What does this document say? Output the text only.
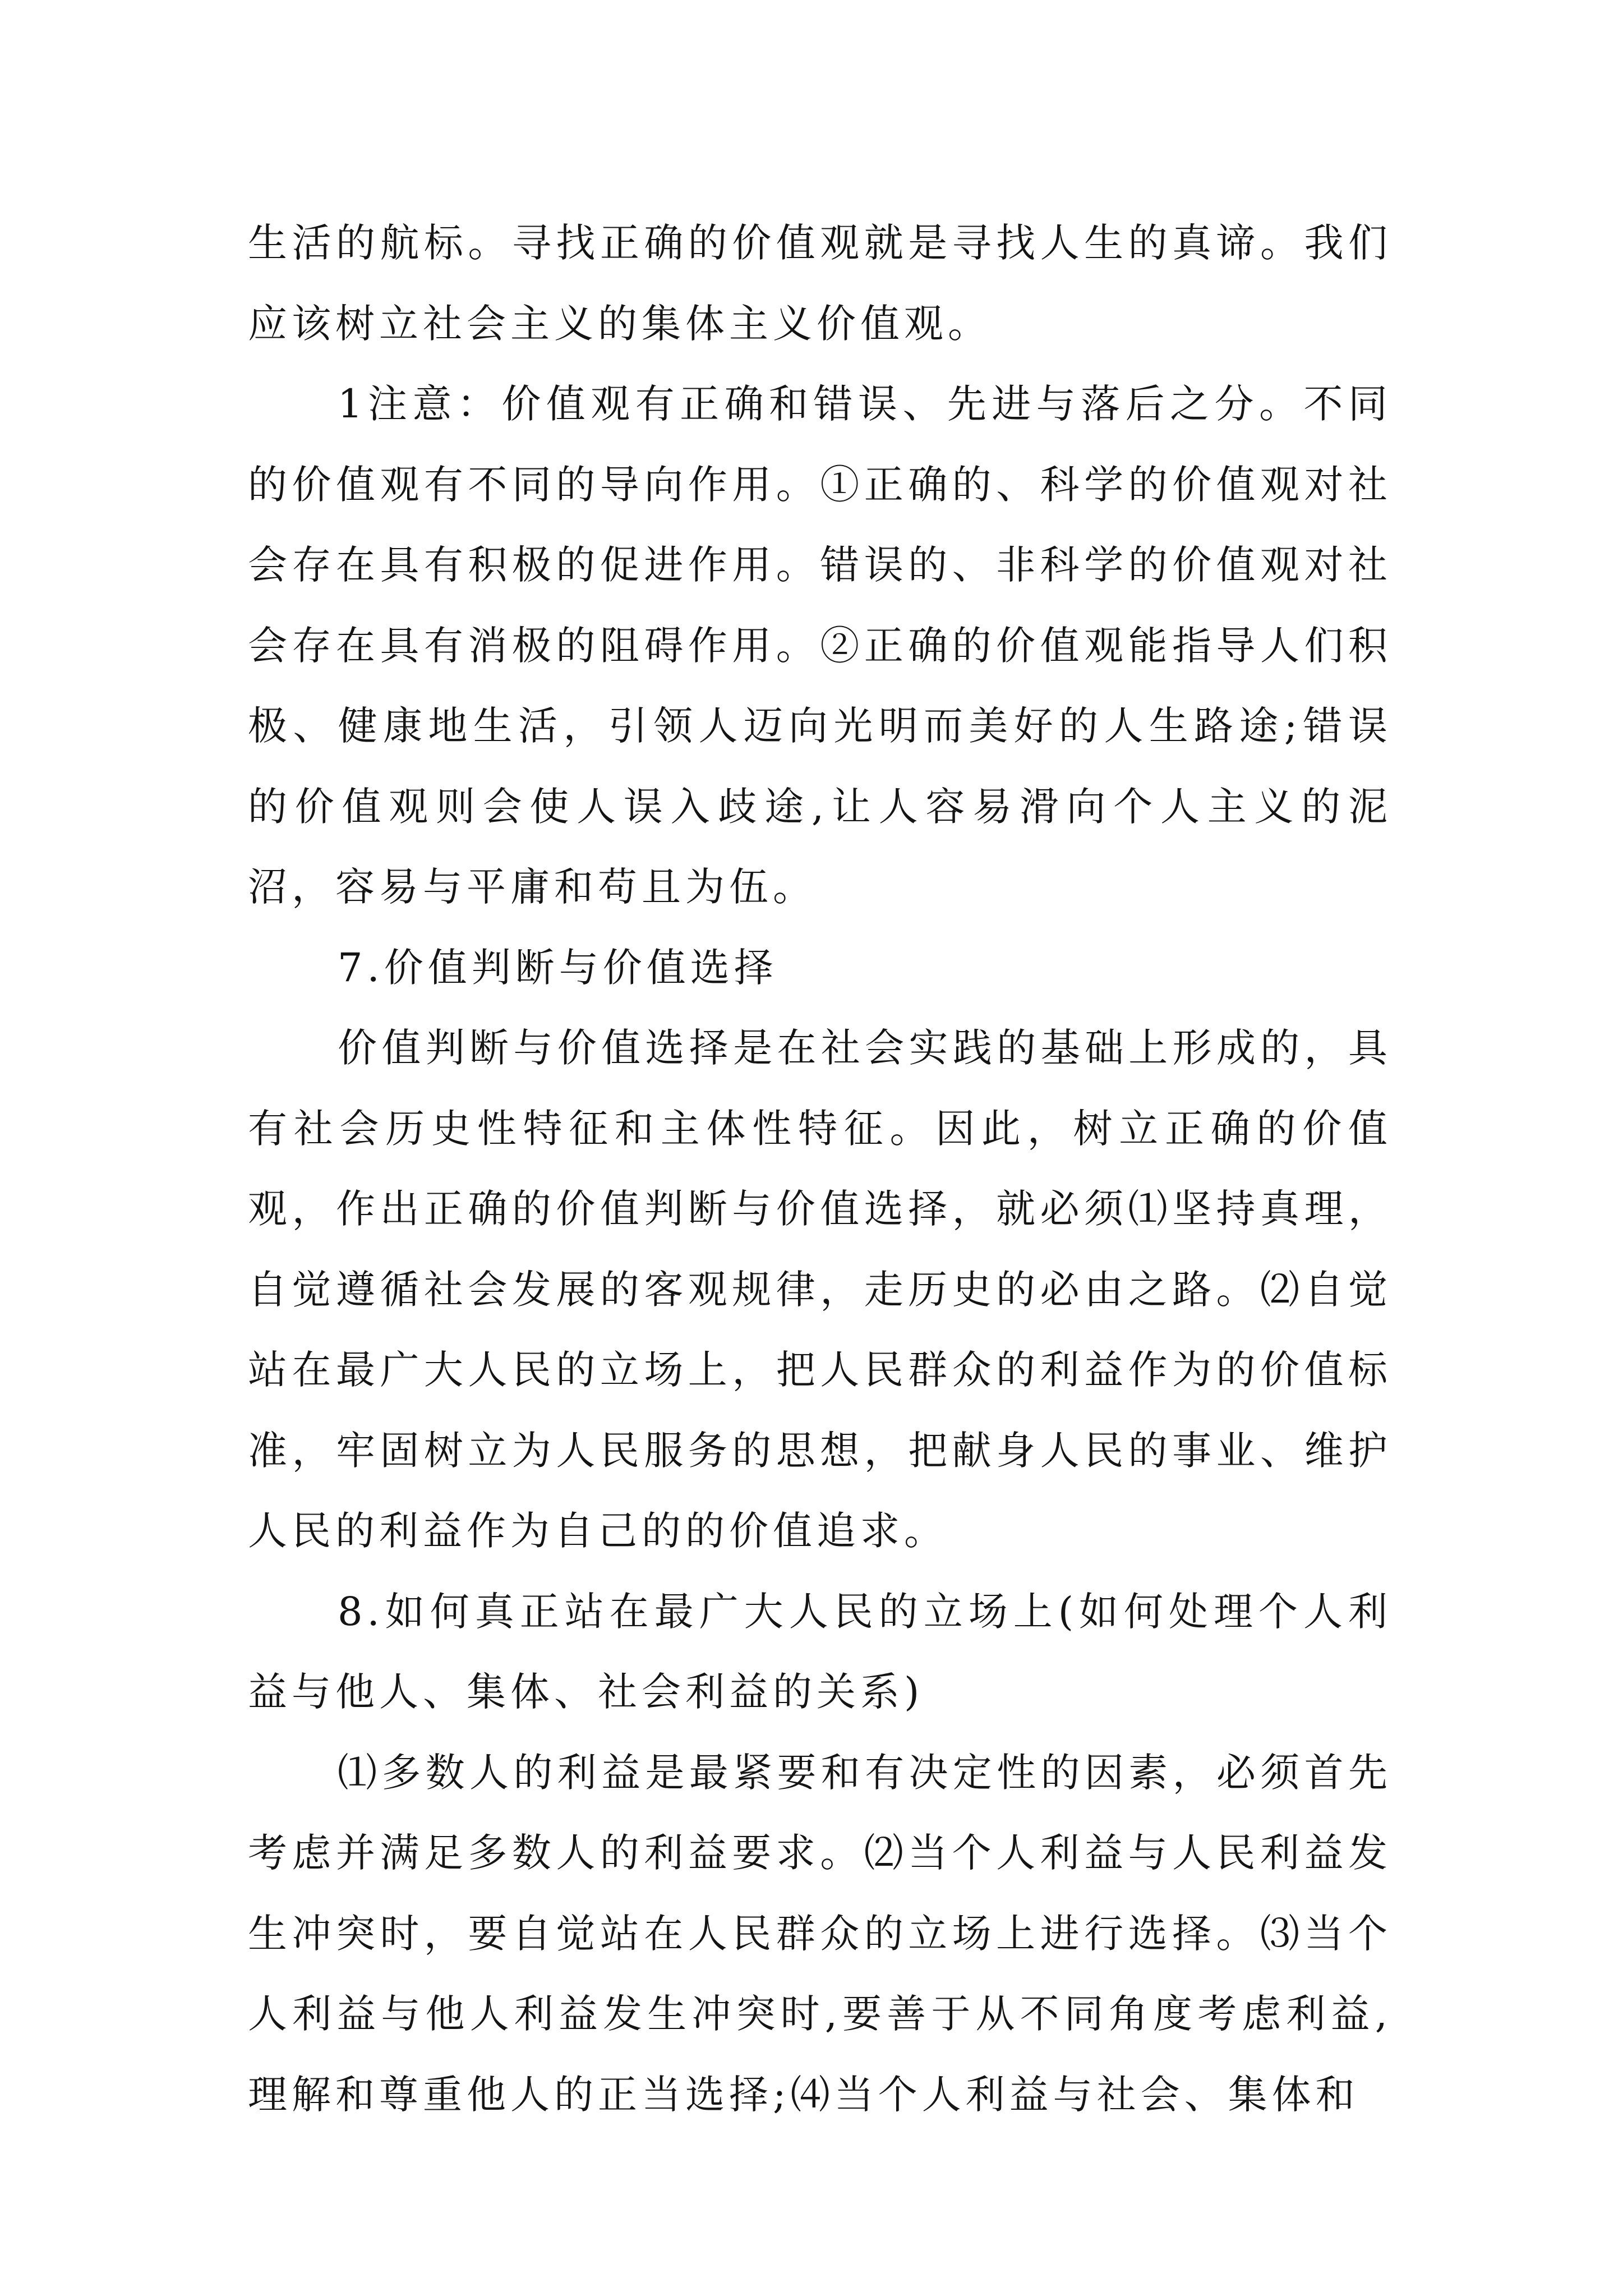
生活的航标。寻找正确的价值观就是寻找人生的真谛。我们应该树立社会主义的集体主义价值观。

1注意：价值观有正确和错误、先进与落后之分。不同的价值观有不同的导向作用。①正确的、科学的价值观对社会存在具有积极的促进作用。错误的、非科学的价值观对社会存在具有消极的阻碍作用。②正确的价值观能指导人们积极、健康地生活，引领人迈向光明而美好的人生路途;错误的价值观则会使人误入歧途,让人容易滑向个人主义的泥沼，容易与平庸和苟且为伍。

7.价值判断与价值选择

价值判断与价值选择是在社会实践的基础上形成的，具有社会历史性特征和主体性特征。因此，树立正确的价值观，作出正确的价值判断与价值选择，就必须⑴坚持真理，自觉遵循社会发展的客观规律，走历史的必由之路。⑵自觉站在最广大人民的立场上，把人民群众的利益作为的价值标准，牢固树立为人民服务的思想，把献身人民的事业、维护人民的利益作为自己的的价值追求。

8.如何真正站在最广大人民的立场上(如何处理个人利益与他人、集体、社会利益的关系)

⑴多数人的利益是最紧要和有决定性的因素，必须首先考虑并满足多数人的利益要求。⑵当个人利益与人民利益发生冲突时，要自觉站在人民群众的立场上进行选择。⑶当个人利益与他人利益发生冲突时,要善于从不同角度考虑利益,理解和尊重他人的正当选择;⑷当个人利益与社会、集体和
